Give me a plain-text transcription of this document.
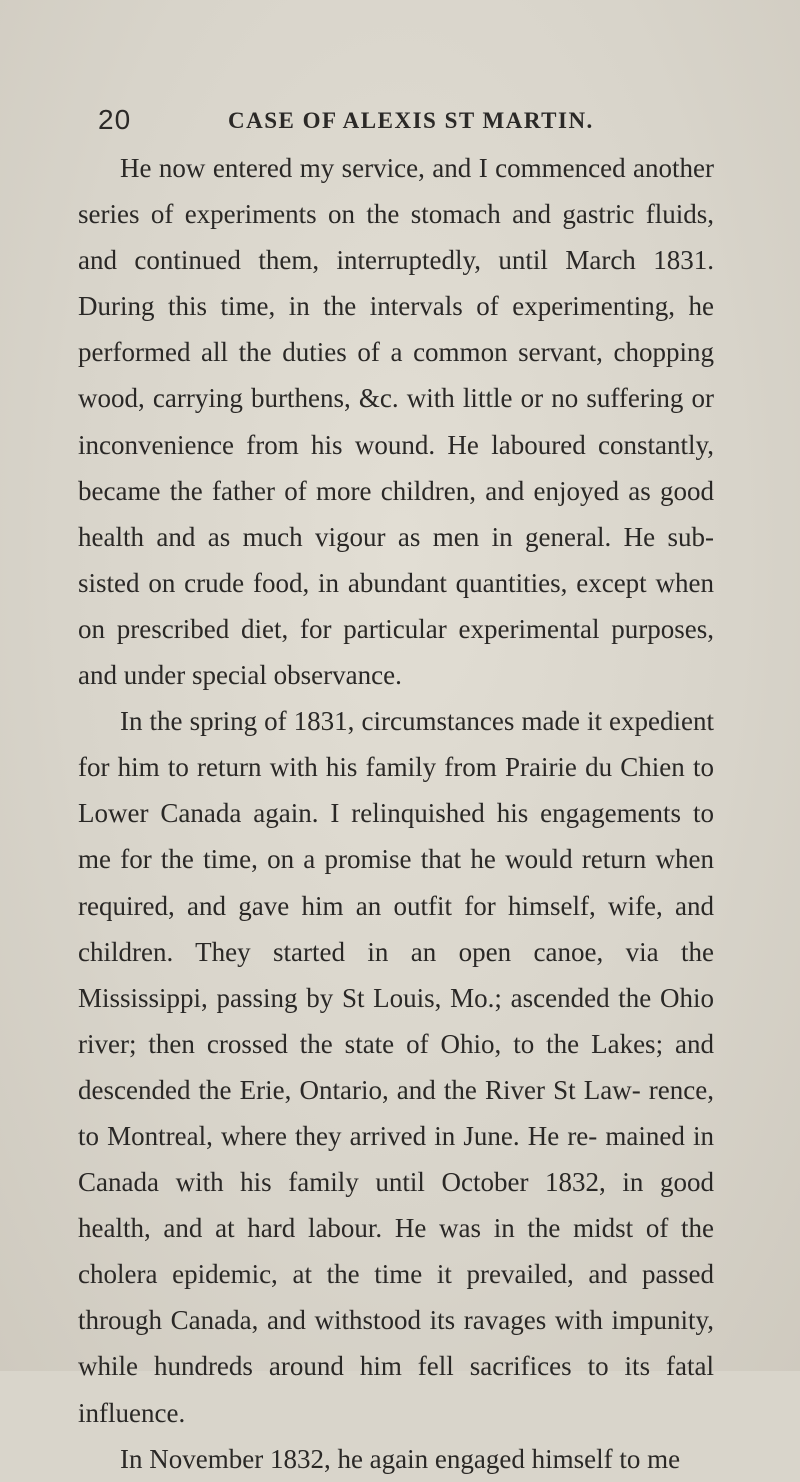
20	CASE OF ALEXIS ST MARTIN.

He now entered my service, and I commenced another series of experiments on the stomach and gastric fluids, and continued them, interruptedly, until March 1831. During this time, in the intervals of experimenting, he performed all the duties of a common servant, chopping wood, carrying burthens, &c. with little or no suffering or inconvenience from his wound. He laboured constantly, became the father of more children, and enjoyed as good health and as much vigour as men in general. He sub- sisted on crude food, in abundant quantities, except when on prescribed diet, for particular experimental purposes, and under special observance.

In the spring of 1831, circumstances made it expedient for him to return with his family from Prairie du Chien to Lower Canada again. I relinquished his engagements to me for the time, on a promise that he would return when required, and gave him an outfit for himself, wife, and children. They started in an open canoe, via the Mississippi, passing by St Louis, Mo.; ascended the Ohio river; then crossed the state of Ohio, to the Lakes; and descended the Erie, Ontario, and the River St Law- rence, to Montreal, where they arrived in June. He re- mained in Canada with his family until October 1832, in good health, and at hard labour. He was in the midst of the cholera epidemic, at the time it prevailed, and passed through Canada, and withstood its ravages with impunity, while hundreds around him fell sacrifices to its fatal influence.

In November 1832, he again engaged himself to me
